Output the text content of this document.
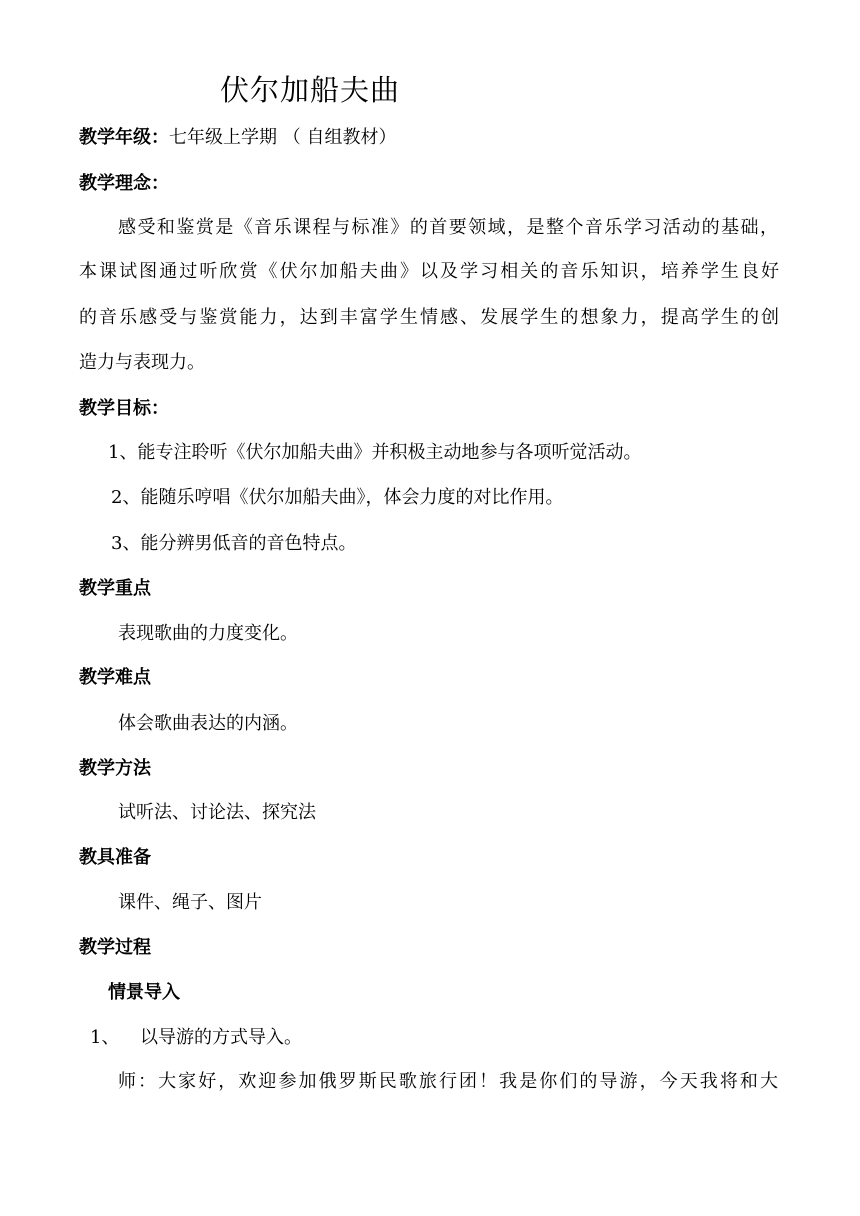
伏尔加船夫曲
教学年级：七年级上学期 （ 自组教材）
教学理念：
感受和鉴赏是《音乐课程与标准》的首要领域，是整个音乐学习活动的基础，
本课试图通过听欣赏《伏尔加船夫曲》以及学习相关的音乐知识，培养学生良好
的音乐感受与鉴赏能力，达到丰富学生情感、发展学生的想象力，提高学生的创
造力与表现力。
教学目标：
1、能专注聆听《伏尔加船夫曲》并积极主动地参与各项听觉活动。
2、能随乐哼唱《伏尔加船夫曲》，体会力度的对比作用。
3、能分辨男低音的音色特点。
教学重点
表现歌曲的力度变化。
教学难点
体会歌曲表达的内涵。
教学方法
试听法、讨论法、探究法
教具准备
课件、绳子、图片
教学过程
情景导入
1、 以导游的方式导入。
师：大家好，欢迎参加俄罗斯民歌旅行团！我是你们的导游，今天我将和大
